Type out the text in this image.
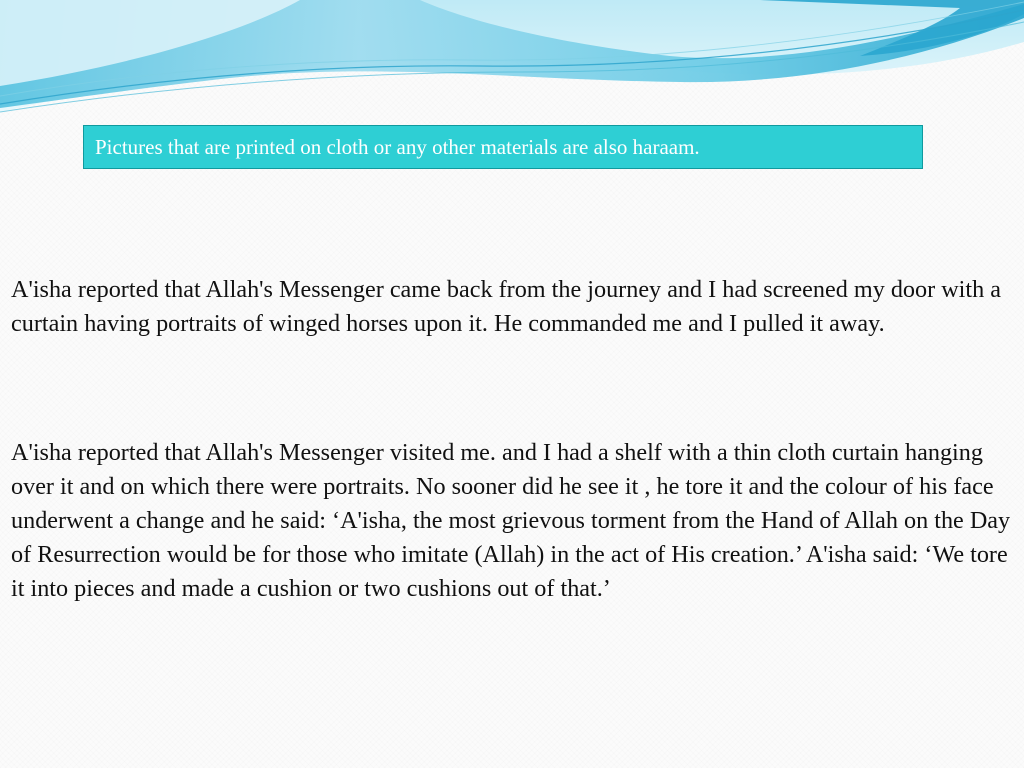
Pictures that are printed on cloth or any other materials are also haraam.

A'isha reported that Allah's Messenger came back from the journey and I had screened my door with a curtain having portraits of winged horses upon it. He commanded me and I pulled it away.

A'isha reported that Allah's Messenger visited me. and I had a shelf with a thin cloth curtain hanging over it and on which there were portraits. No sooner did he see it , he tore it and the colour of his face underwent a change and he said: ‘A'isha, the most grievous torment from the Hand of Allah on the Day of Resurrection would be for those who imitate (Allah) in the act of His creation.’ A'isha said: ‘We tore it into pieces and made a cushion or two cushions out of that.’
